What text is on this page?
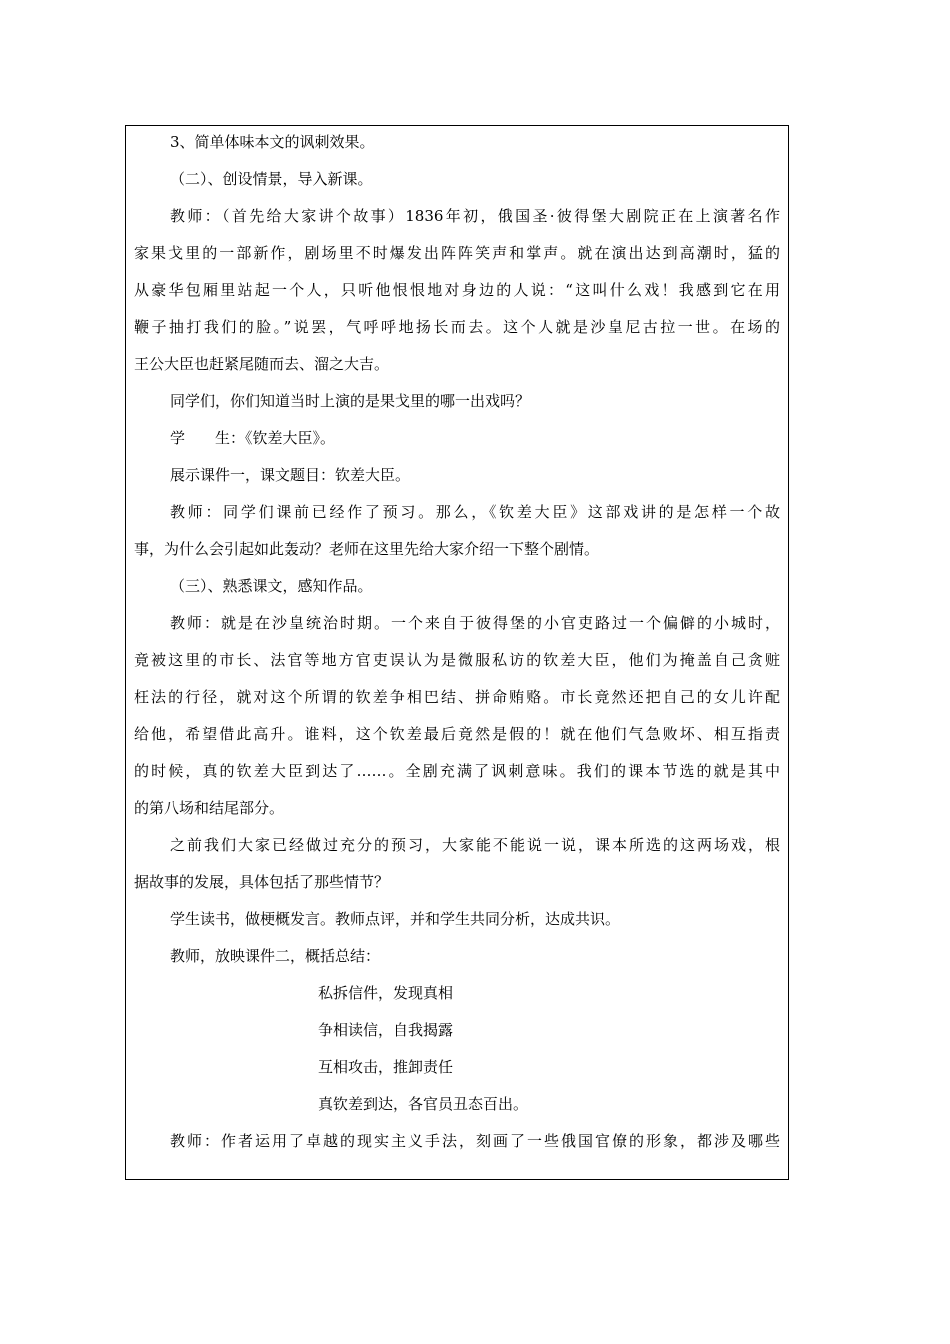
3、简单体味本文的讽刺效果。
（二）、创设情景，导入新课。
教师：（首先给大家讲个故事）1836年初，俄国圣·彼得堡大剧院正在上演著名作
家果戈里的一部新作，剧场里不时爆发出阵阵笑声和掌声。就在演出达到高潮时，猛的
从豪华包厢里站起一个人，只听他恨恨地对身边的人说：“这叫什么戏！我感到它在用
鞭子抽打我们的脸。”说罢，气呼呼地扬长而去。这个人就是沙皇尼古拉一世。在场的
王公大臣也赶紧尾随而去、溜之大吉。
同学们，你们知道当时上演的是果戈里的哪一出戏吗？
学　　生：《钦差大臣》。
展示课件一，课文题目：钦差大臣。
教师：同学们课前已经作了预习。那么，《钦差大臣》这部戏讲的是怎样一个故
事，为什么会引起如此轰动？老师在这里先给大家介绍一下整个剧情。
（三）、熟悉课文，感知作品。
教师：就是在沙皇统治时期。一个来自于彼得堡的小官吏路过一个偏僻的小城时，
竟被这里的市长、法官等地方官吏误认为是微服私访的钦差大臣，他们为掩盖自己贪赃
枉法的行径，就对这个所谓的钦差争相巴结、拼命贿赂。市长竟然还把自己的女儿许配
给他，希望借此高升。谁料，这个钦差最后竟然是假的！就在他们气急败坏、相互指责
的时候，真的钦差大臣到达了……。全剧充满了讽刺意味。我们的课本节选的就是其中
的第八场和结尾部分。
之前我们大家已经做过充分的预习，大家能不能说一说，课本所选的这两场戏，根
据故事的发展，具体包括了那些情节？
学生读书，做梗概发言。教师点评，并和学生共同分析，达成共识。
教师，放映课件二，概括总结：
私拆信件，发现真相
争相读信，自我揭露
互相攻击，推卸责任
真钦差到达，各官员丑态百出。
教师：作者运用了卓越的现实主义手法，刻画了一些俄国官僚的形象，都涉及哪些
